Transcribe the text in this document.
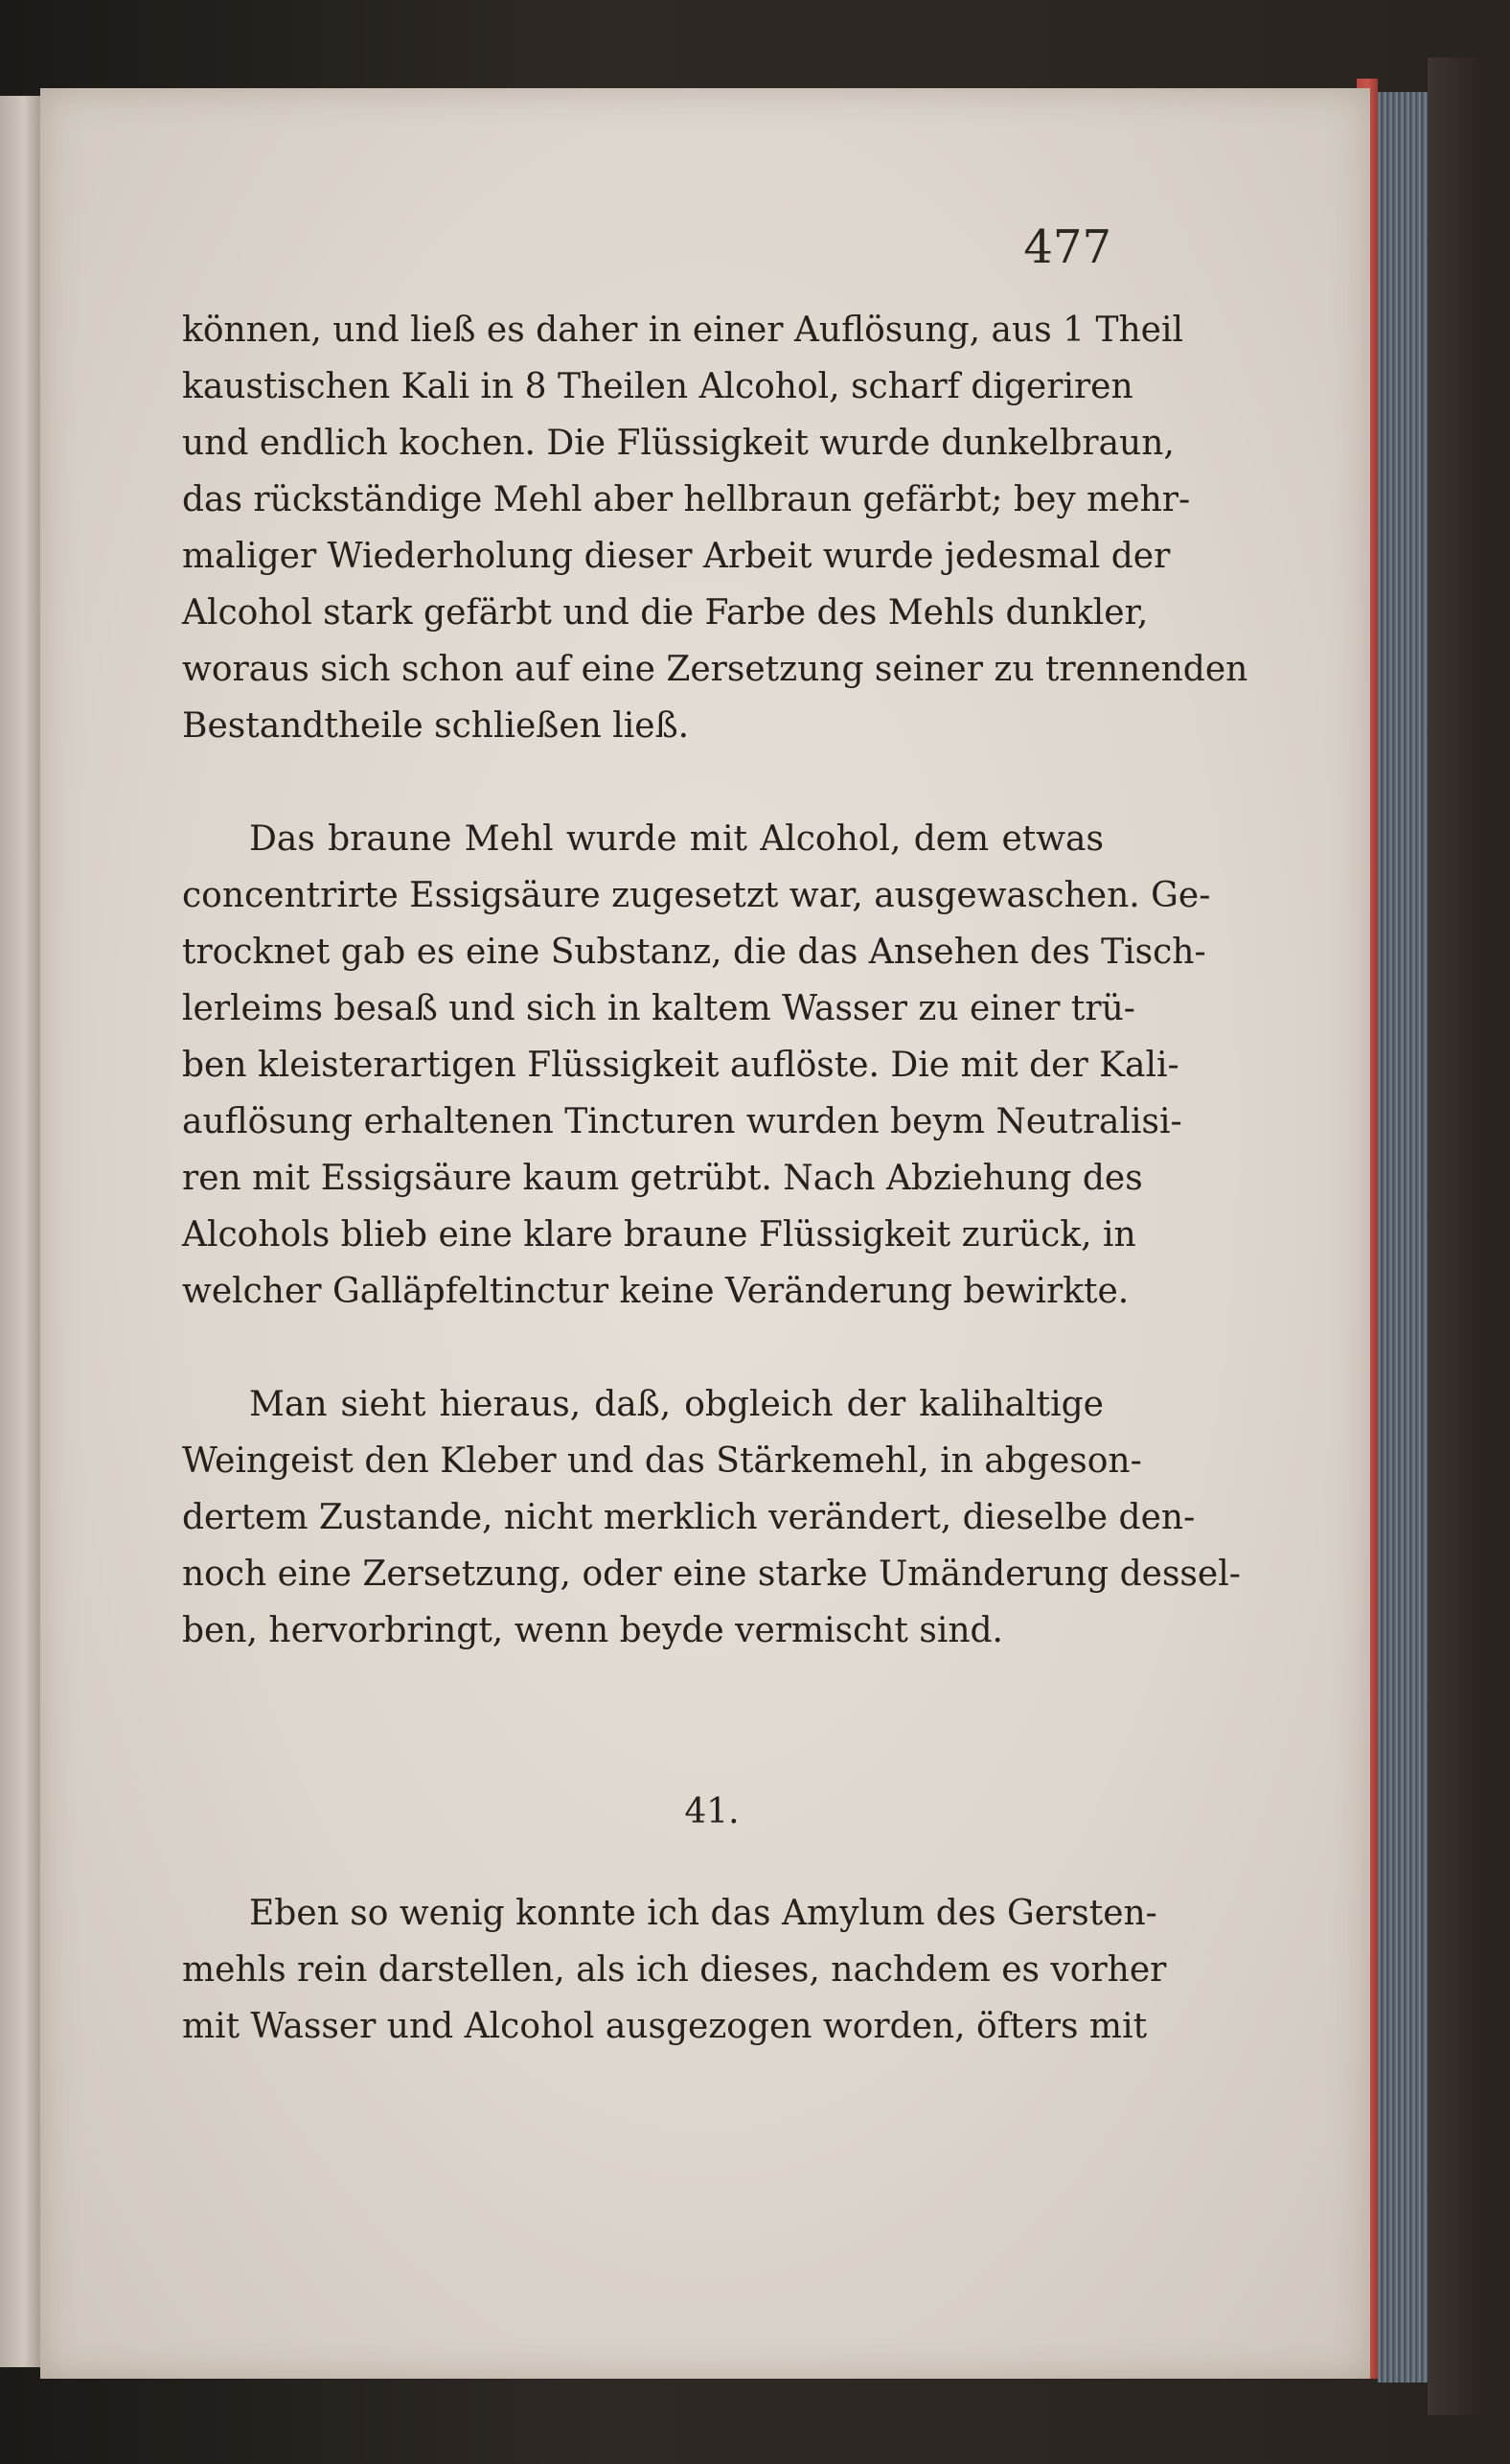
477
können, und ließ es daher in einer Auflösung, aus 1 Theil
kaustischen Kali in 8 Theilen Alcohol, scharf digeriren
und endlich kochen. Die Flüssigkeit wurde dunkelbraun,
das rückständige Mehl aber hellbraun gefärbt; bey mehr-
maliger Wiederholung dieser Arbeit wurde jedesmal der
Alcohol stark gefärbt und die Farbe des Mehls dunkler,
woraus sich schon auf eine Zersetzung seiner zu trennenden
Bestandtheile schließen ließ.
Das braune Mehl wurde mit Alcohol, dem etwas
concentrirte Essigsäure zugesetzt war, ausgewaschen. Ge-
trocknet gab es eine Substanz, die das Ansehen des Tisch-
lerleims besaß und sich in kaltem Wasser zu einer trü-
ben kleisterartigen Flüssigkeit auflöste. Die mit der Kali-
auflösung erhaltenen Tincturen wurden beym Neutralisi-
ren mit Essigsäure kaum getrübt. Nach Abziehung des
Alcohols blieb eine klare braune Flüssigkeit zurück, in
welcher Galläpfeltinctur keine Veränderung bewirkte.
Man sieht hieraus, daß, obgleich der kalihaltige
Weingeist den Kleber und das Stärkemehl, in abgeson-
dertem Zustande, nicht merklich verändert, dieselbe den-
noch eine Zersetzung, oder eine starke Umänderung dessel-
ben, hervorbringt, wenn beyde vermischt sind.
41.
Eben so wenig konnte ich das Amylum des Gersten-
mehls rein darstellen, als ich dieses, nachdem es vorher
mit Wasser und Alcohol ausgezogen worden, öfters mit
